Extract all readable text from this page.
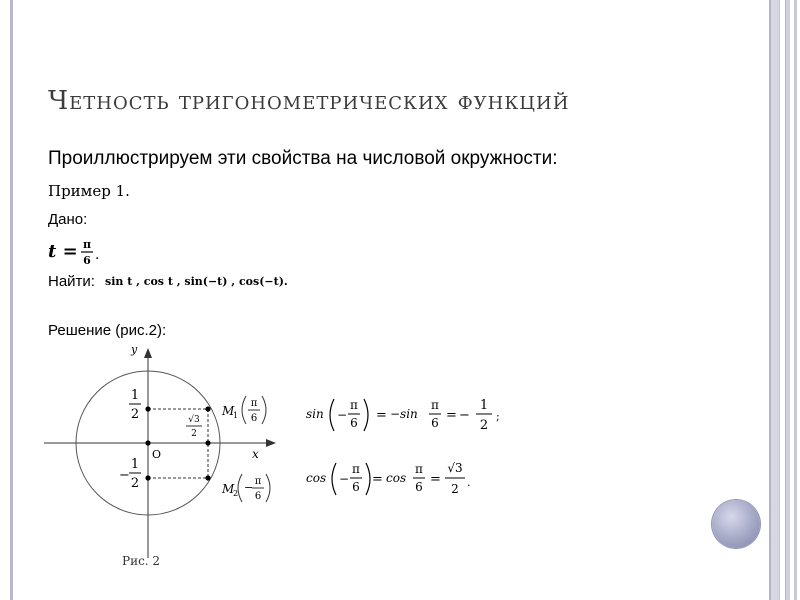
Четность тригонометрических функций
Проиллюстрируем эти свойства на числовой окружности:
Пример 1.
Дано:
t = π
6 .
Найти: sin t , cos t , sin(−t) , cos(−t).
Решение (рис.2):
y
x
O
1
2
−
1
2
√3
2
M
1
π
6
M
2 − π
6
Рис. 2
sin −
π
6 = −sin
π
6 = −
1
2
;
cos −
π
6 = cos
π
6 =
√3
2 .
